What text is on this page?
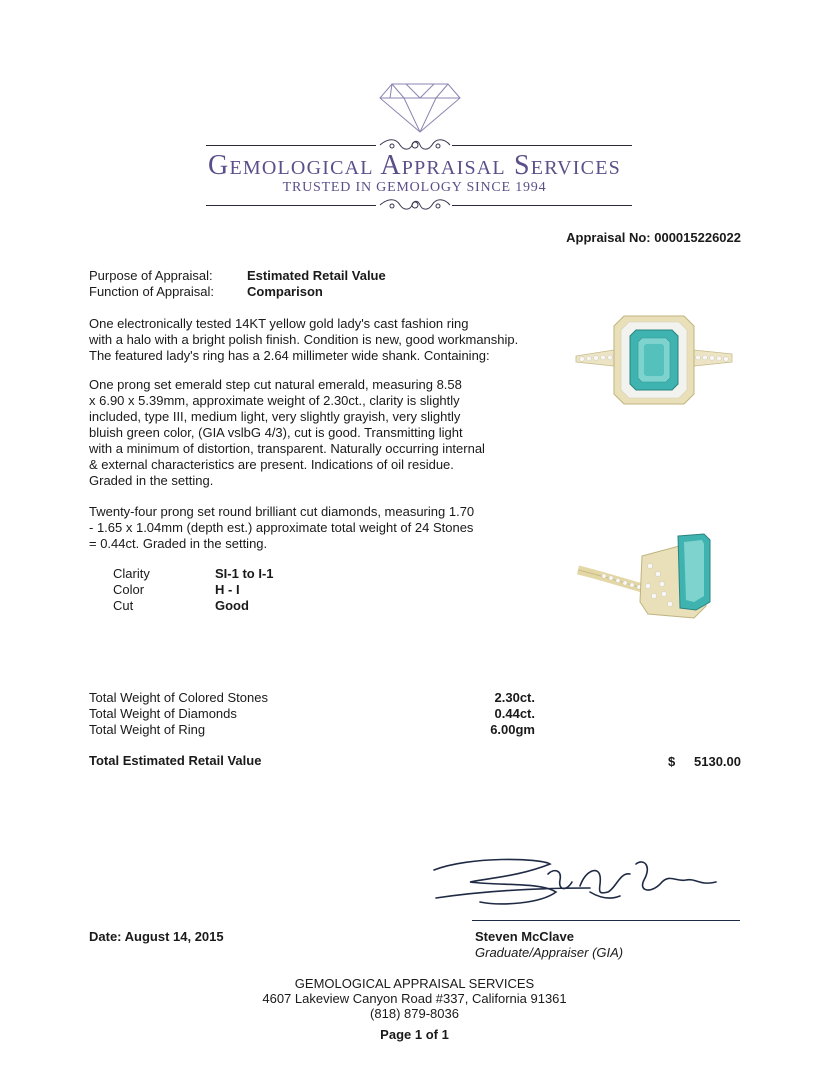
Gemological Appraisal Services
TRUSTED IN GEMOLOGY SINCE 1994
Appraisal No: 000015226022
Purpose of Appraisal:	Estimated Retail Value
Function of Appraisal:	Comparison
One electronically tested 14KT yellow gold lady's cast fashion ring
with a halo with a bright polish finish. Condition is new, good workmanship.
The featured lady's ring has a 2.64 millimeter wide shank. Containing:
One prong set emerald step cut natural emerald, measuring 8.58
x 6.90 x 5.39mm, approximate weight of 2.30ct., clarity is slightly
included, type III, medium light, very slightly grayish, very slightly
bluish green color, (GIA vslbG 4/3), cut is good. Transmitting light
with a minimum of distortion, transparent. Naturally occurring internal
& external characteristics are present. Indications of oil residue.
Graded in the setting.
Twenty-four prong set round brilliant cut diamonds, measuring 1.70
- 1.65 x 1.04mm (depth est.) approximate total weight of 24 Stones
= 0.44ct. Graded in the setting.
Clarity	SI-1 to I-1
Color	H - I
Cut	Good
Total Weight of Colored Stones	2.30ct.
Total Weight of Diamonds	0.44ct.
Total Weight of Ring	6.00gm
Total Estimated Retail Value	$ 5130.00
Date: August 14, 2015	Steven McClave
Graduate/Appraiser (GIA)
GEMOLOGICAL APPRAISAL SERVICES
4607 Lakeview Canyon Road #337, California 91361
(818) 879-8036
Page 1 of 1
